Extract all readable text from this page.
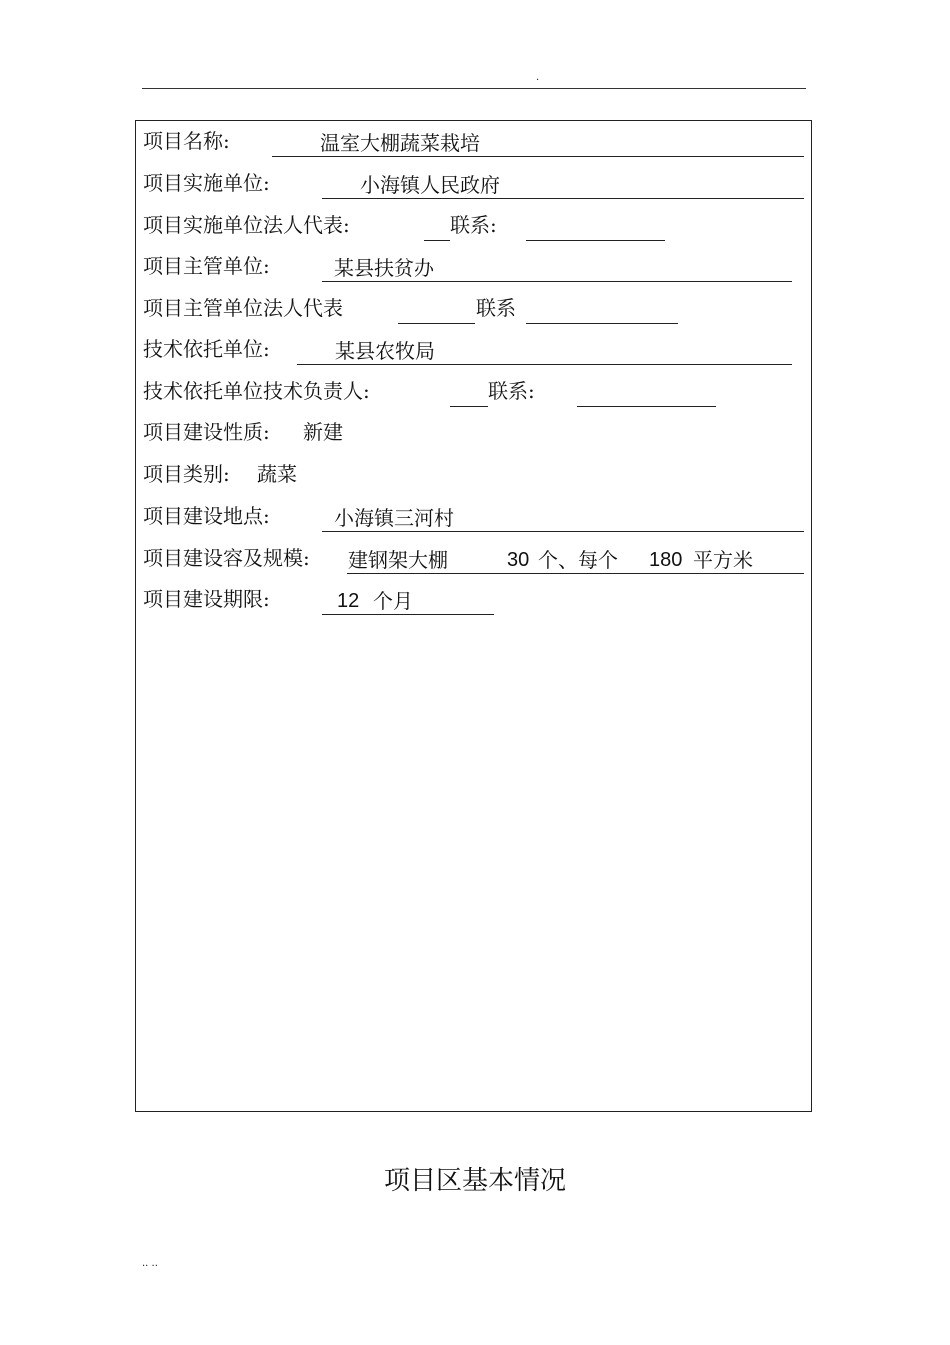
.
项目名称:	温室大棚蔬菜栽培
项目实施单位:	小海镇人民政府
项目实施单位法人代表:	联系:
项目主管单位:	某县扶贫办
项目主管单位法人代表	联系
技术依托单位:	某县农牧局
技术依托单位技术负责人:	联系:
项目建设性质: 新建
项目类别: 蔬菜
项目建设地点:	小海镇三河村
项目建设容及规模: 建钢架大棚	30 个、每个 180 平方米
项目建设期限:	12 个月
项目区基本情况
.. ..
